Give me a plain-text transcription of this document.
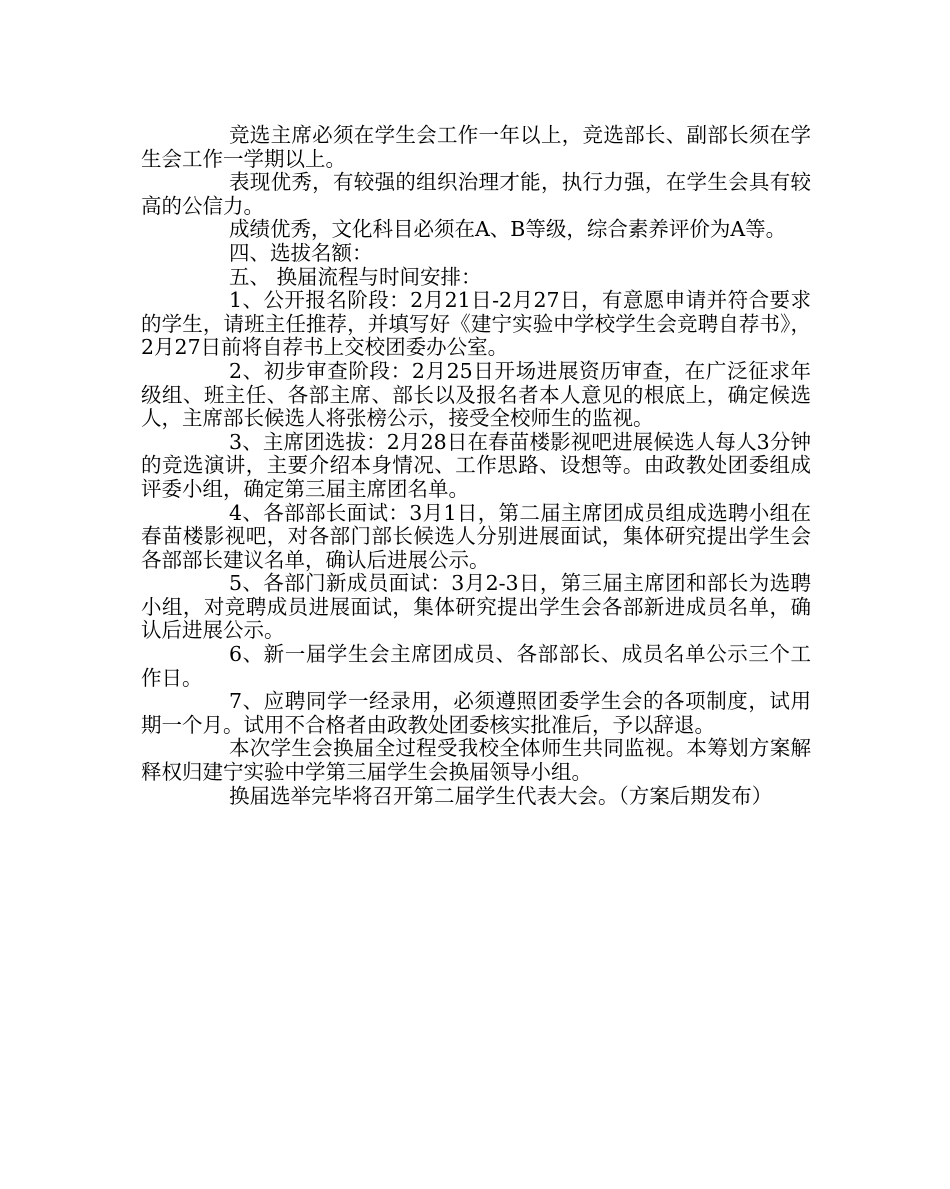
竞选主席必须在学生会工作一年以上，竞选部长、副部长须在学生会工作一学期以上。

表现优秀，有较强的组织治理才能，执行力强，在学生会具有较高的公信力。

成绩优秀，文化科目必须在A、B等级，综合素养评价为A等。

四、选拔名额：

五、 换届流程与时间安排：

1、公开报名阶段：2月21日-2月27日，有意愿申请并符合要求的学生，请班主任推荐，并填写好《建宁实验中学校学生会竞聘自荐书》，2月27日前将自荐书上交校团委办公室。

2、初步审查阶段：2月25日开场进展资历审查，在广泛征求年级组、班主任、各部主席、部长以及报名者本人意见的根底上，确定候选人，主席部长候选人将张榜公示，接受全校师生的监视。

3、主席团选拔：2月28日在春苗楼影视吧进展候选人每人3分钟的竞选演讲，主要介绍本身情况、工作思路、设想等。由政教处团委组成评委小组，确定第三届主席团名单。

4、各部部长面试：3月1日，第二届主席团成员组成选聘小组在春苗楼影视吧，对各部门部长候选人分别进展面试，集体研究提出学生会各部部长建议名单，确认后进展公示。

5、各部门新成员面试：3月2-3日，第三届主席团和部长为选聘小组，对竞聘成员进展面试，集体研究提出学生会各部新进成员名单，确认后进展公示。

6、新一届学生会主席团成员、各部部长、成员名单公示三个工作日。

7、应聘同学一经录用，必须遵照团委学生会的各项制度，试用期一个月。试用不合格者由政教处团委核实批准后，予以辞退。

本次学生会换届全过程受我校全体师生共同监视。本筹划方案解释权归建宁实验中学第三届学生会换届领导小组。

换届选举完毕将召开第二届学生代表大会。（方案后期发布）
